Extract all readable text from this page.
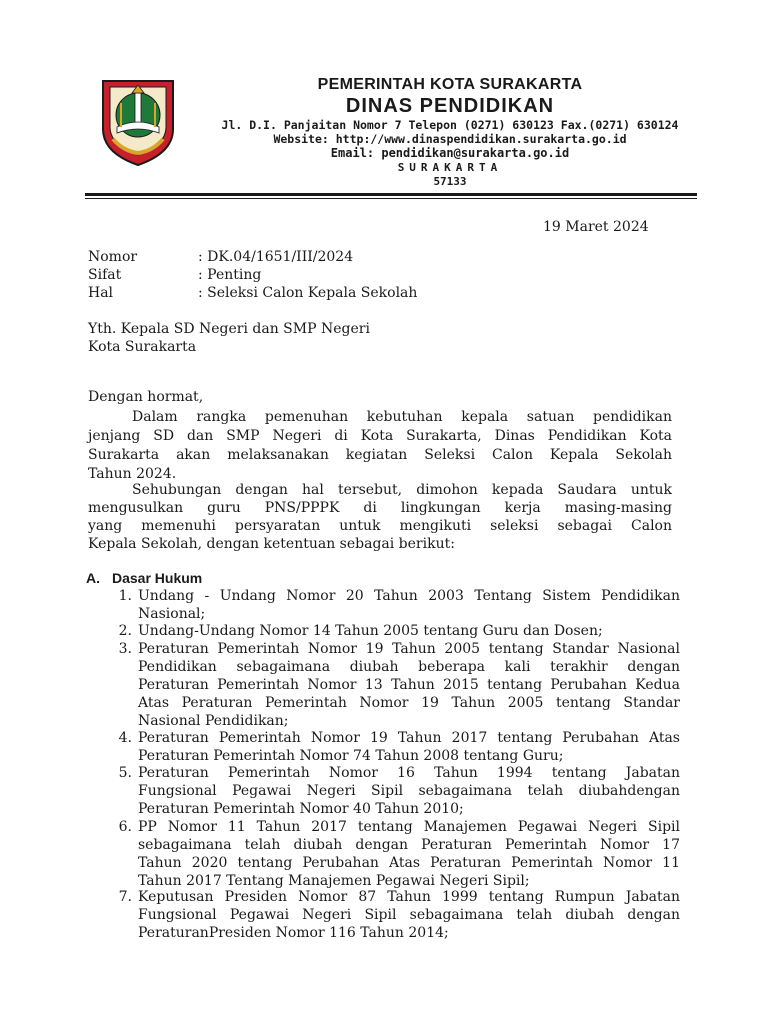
PEMERINTAH KOTA SURAKARTA
DINAS PENDIDIKAN
Jl. D.I. Panjaitan Nomor 7 Telepon (0271) 630123 Fax.(0271) 630124
Website: http://www.dinaspendidikan.surakarta.go.id
Email: pendidikan@surakarta.go.id
SURAKARTA
57133
19 Maret 2024
Nomor	: DK.04/1651/III/2024
Sifat	: Penting
Hal	: Seleksi Calon Kepala Sekolah
Yth. Kepala SD Negeri dan SMP Negeri
Kota Surakarta
Dengan hormat,
Dalam rangka pemenuhan kebutuhan kepala satuan pendidikan
jenjang SD dan SMP Negeri di Kota Surakarta, Dinas Pendidikan Kota
Surakarta akan melaksanakan kegiatan Seleksi Calon Kepala Sekolah
Tahun 2024.
Sehubungan dengan hal tersebut, dimohon kepada Saudara untuk
mengusulkan guru PNS/PPPK di lingkungan kerja masing-masing
yang memenuhi persyaratan untuk mengikuti seleksi sebagai Calon
Kepala Sekolah, dengan ketentuan sebagai berikut:
A. Dasar Hukum
1. Undang - Undang Nomor 20 Tahun 2003 Tentang Sistem Pendidikan
Nasional;
2. Undang-Undang Nomor 14 Tahun 2005 tentang Guru dan Dosen;
3. Peraturan Pemerintah Nomor 19 Tahun 2005 tentang Standar Nasional
Pendidikan sebagaimana diubah beberapa kali terakhir dengan
Peraturan Pemerintah Nomor 13 Tahun 2015 tentang Perubahan Kedua
Atas Peraturan Pemerintah Nomor 19 Tahun 2005 tentang Standar
Nasional Pendidikan;
4. Peraturan Pemerintah Nomor 19 Tahun 2017 tentang Perubahan Atas
Peraturan Pemerintah Nomor 74 Tahun 2008 tentang Guru;
5. Peraturan Pemerintah Nomor 16 Tahun 1994 tentang Jabatan
Fungsional Pegawai Negeri Sipil sebagaimana telah diubahdengan
Peraturan Pemerintah Nomor 40 Tahun 2010;
6. PP Nomor 11 Tahun 2017 tentang Manajemen Pegawai Negeri Sipil
sebagaimana telah diubah dengan Peraturan Pemerintah Nomor 17
Tahun 2020 tentang Perubahan Atas Peraturan Pemerintah Nomor 11
Tahun 2017 Tentang Manajemen Pegawai Negeri Sipil;
7. Keputusan Presiden Nomor 87 Tahun 1999 tentang Rumpun Jabatan
Fungsional Pegawai Negeri Sipil sebagaimana telah diubah dengan
PeraturanPresiden Nomor 116 Tahun 2014;
